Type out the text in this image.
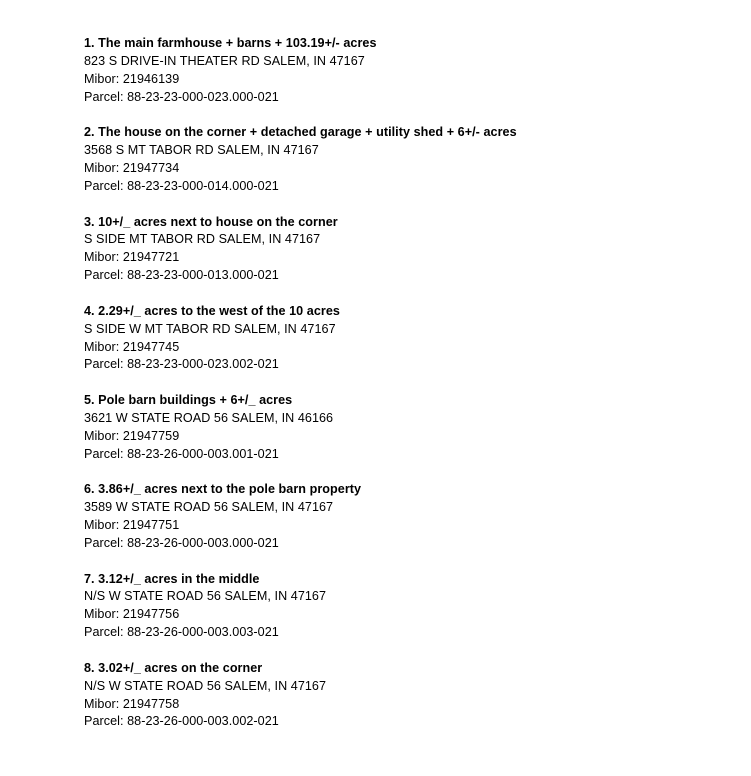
1. The main farmhouse + barns + 103.19+/- acres
823 S DRIVE-IN THEATER RD SALEM, IN 47167
Mibor: 21946139
Parcel: 88-23-23-000-023.000-021
2. The house on the corner + detached garage + utility shed + 6+/- acres
3568 S MT TABOR RD SALEM, IN 47167
Mibor: 21947734
Parcel: 88-23-23-000-014.000-021
3. 10+/_ acres next to house on the corner
S SIDE MT TABOR RD SALEM, IN 47167
Mibor: 21947721
Parcel: 88-23-23-000-013.000-021
4. 2.29+/_ acres to the west of the 10 acres
S SIDE W MT TABOR RD SALEM, IN 47167
Mibor: 21947745
Parcel: 88-23-23-000-023.002-021
5. Pole barn buildings + 6+/_ acres
3621 W STATE ROAD 56 SALEM, IN 46166
Mibor: 21947759
Parcel: 88-23-26-000-003.001-021
6. 3.86+/_ acres next to the pole barn property
3589 W STATE ROAD 56 SALEM, IN 47167
Mibor: 21947751
Parcel: 88-23-26-000-003.000-021
7. 3.12+/_ acres in the middle
N/S W STATE ROAD 56 SALEM, IN 47167
Mibor: 21947756
Parcel: 88-23-26-000-003.003-021
8. 3.02+/_ acres on the corner
N/S W STATE ROAD 56 SALEM, IN 47167
Mibor: 21947758
Parcel: 88-23-26-000-003.002-021
